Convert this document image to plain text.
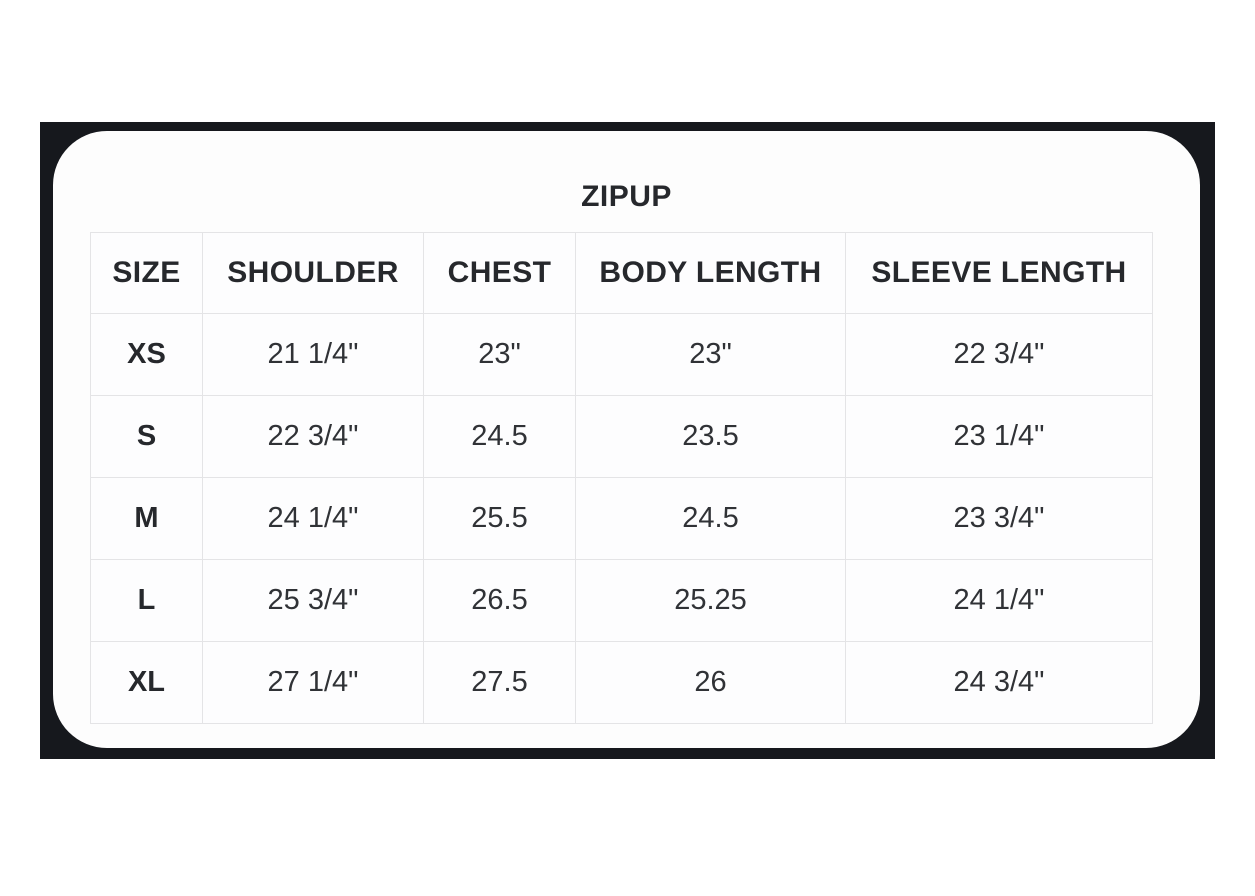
ZIPUP
SIZE	SHOULDER	CHEST	BODY LENGTH	SLEEVE LENGTH
XS	21 1/4"	23"	23"	22 3/4"
S	22 3/4"	24.5	23.5	23 1/4"
M	24 1/4"	25.5	24.5	23 3/4"
L	25 3/4"	26.5	25.25	24 1/4"
XL	27 1/4"	27.5	26	24 3/4"
